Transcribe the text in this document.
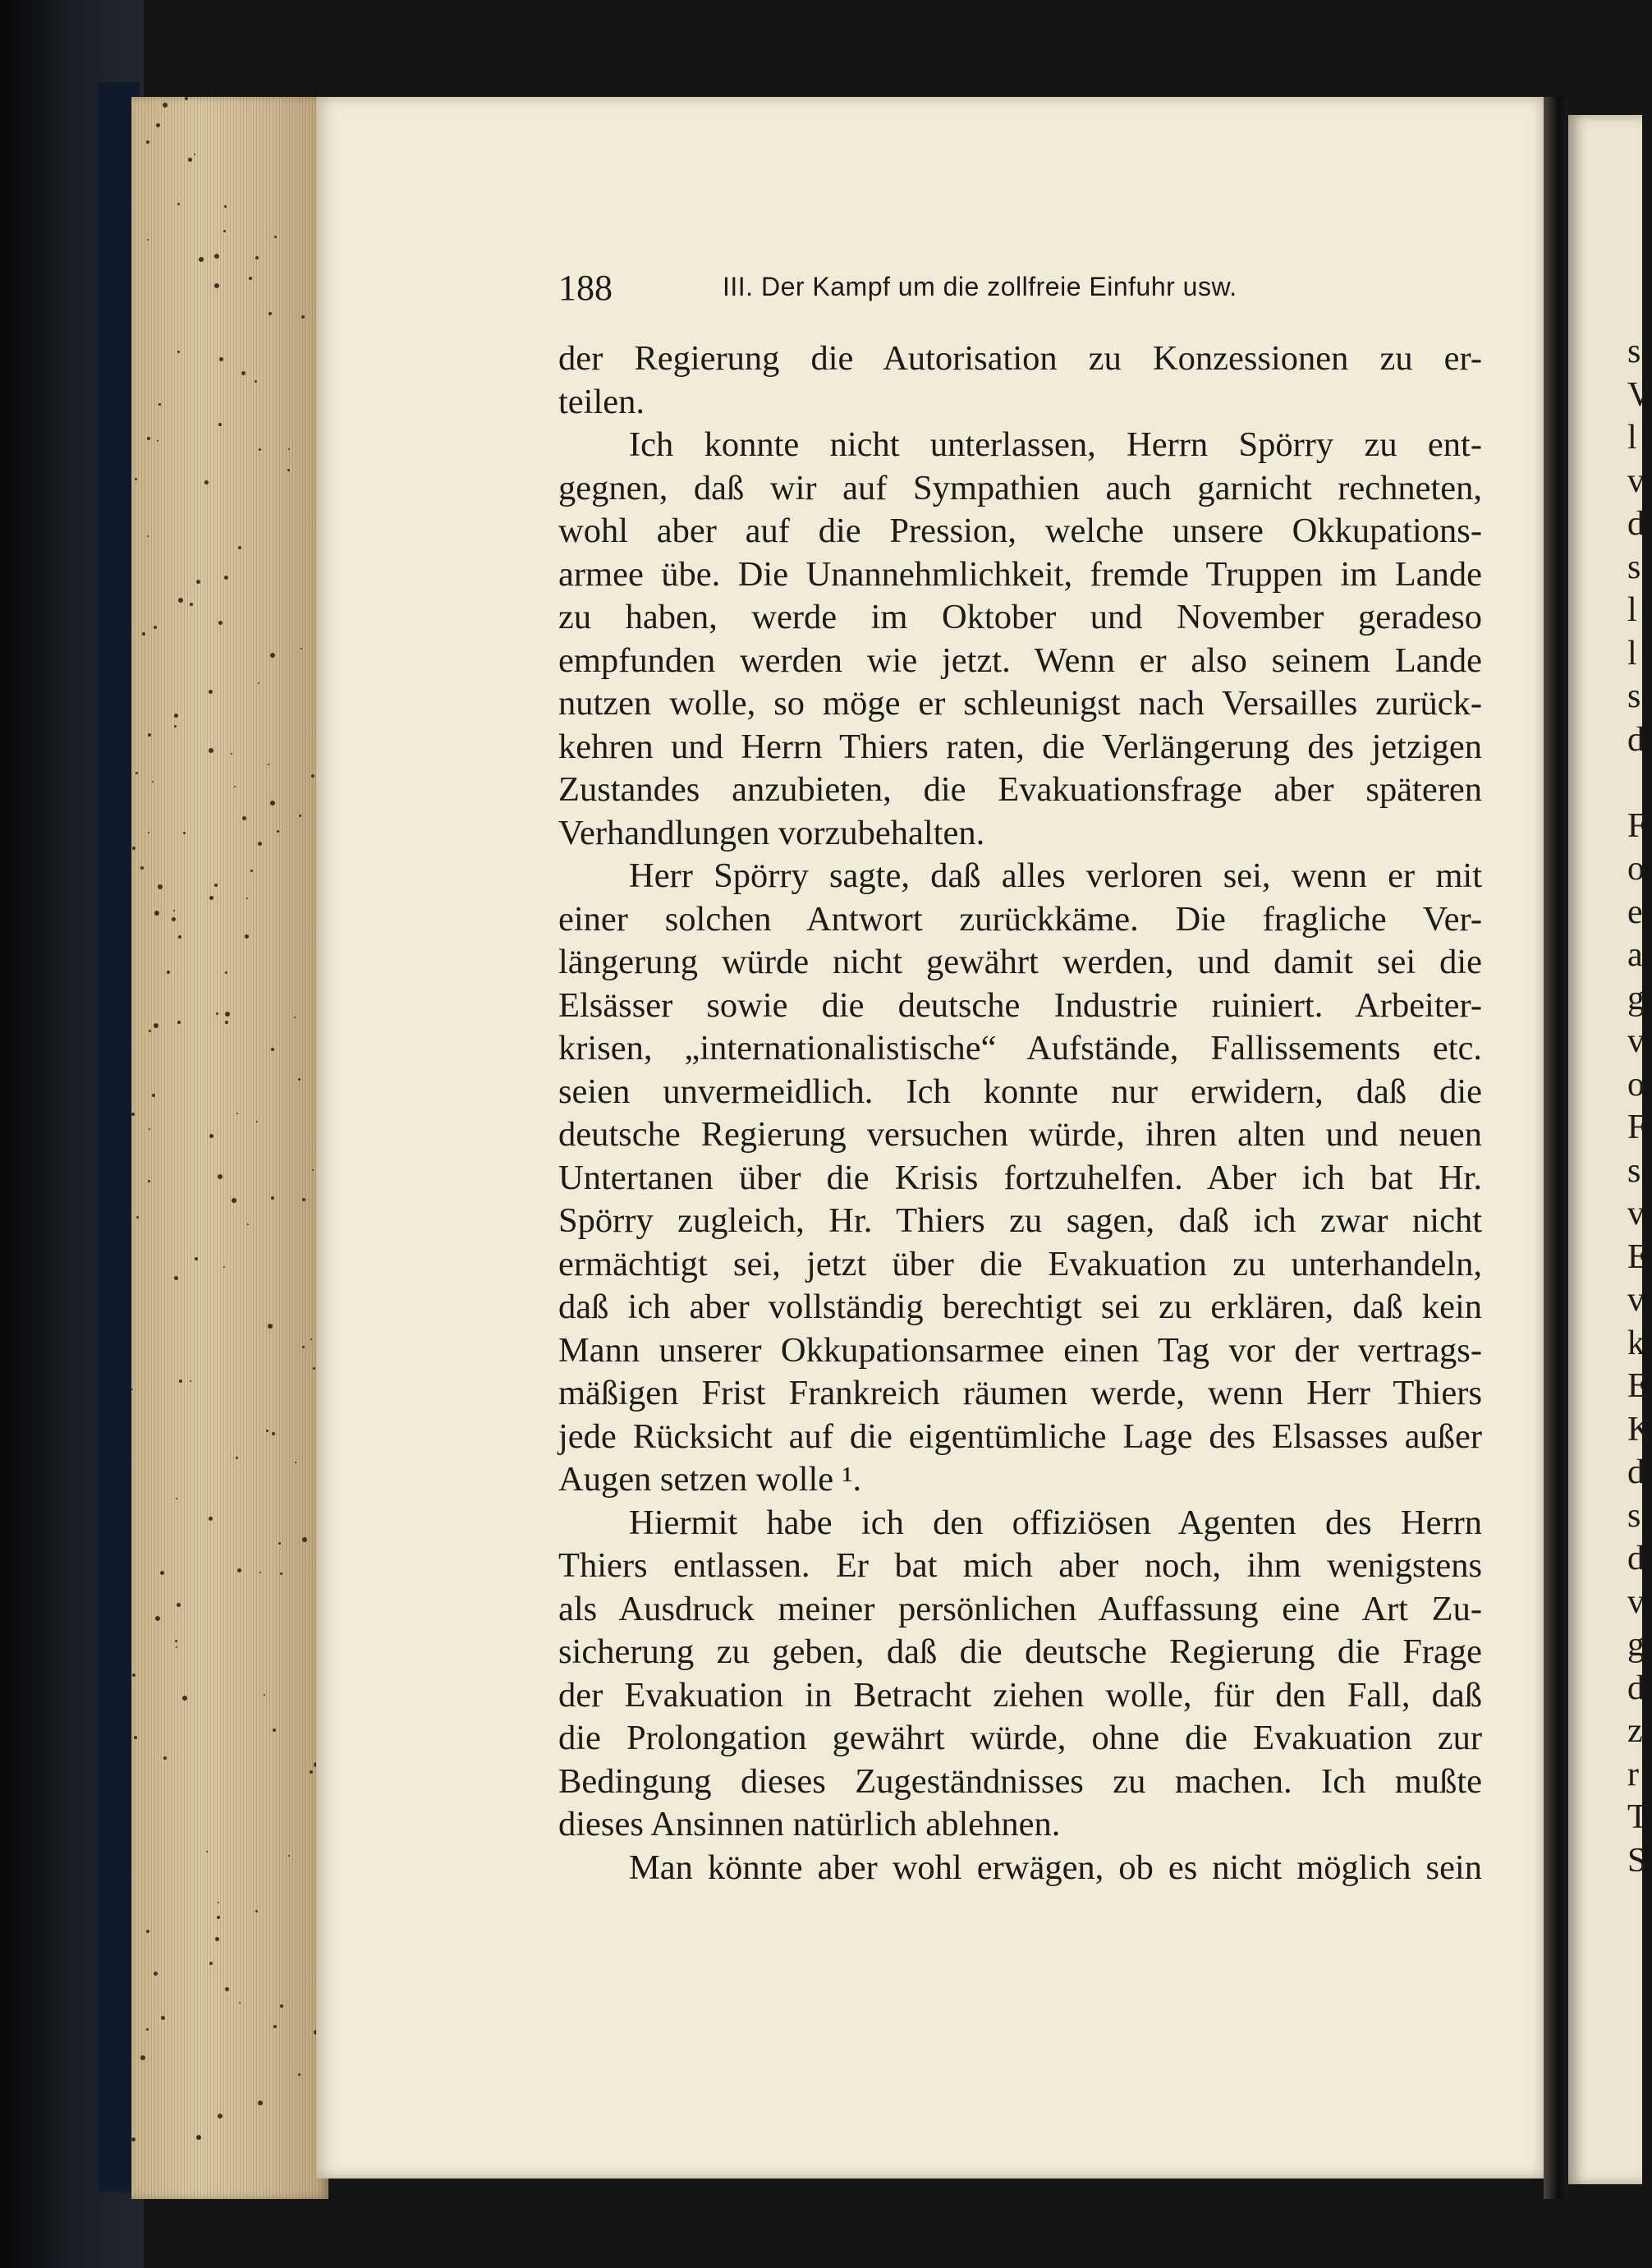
s
V
l
v
d
s
l
l
s
d
F
o
e
a
g
v
o
F
s
v
E
v
k
E
K
d
s
d
v
g
d
z
r
T
S
188	III. Der Kampf um die zollfreie Einfuhr usw.
der Regierung die Autorisation zu Konzessionen zu er-
teilen.
Ich konnte nicht unterlassen, Herrn Spörry zu ent-
gegnen, daß wir auf Sympathien auch garnicht rechneten,
wohl aber auf die Pression, welche unsere Okkupations-
armee übe. Die Unannehmlichkeit, fremde Truppen im Lande
zu haben, werde im Oktober und November geradeso
empfunden werden wie jetzt. Wenn er also seinem Lande
nutzen wolle, so möge er schleunigst nach Versailles zurück-
kehren und Herrn Thiers raten, die Verlängerung des jetzigen
Zustandes anzubieten, die Evakuationsfrage aber späteren
Verhandlungen vorzubehalten.
Herr Spörry sagte, daß alles verloren sei, wenn er mit
einer solchen Antwort zurückkäme. Die fragliche Ver-
längerung würde nicht gewährt werden, und damit sei die
Elsässer sowie die deutsche Industrie ruiniert. Arbeiter-
krisen, „internationalistische“ Aufstände, Fallissements etc.
seien unvermeidlich. Ich konnte nur erwidern, daß die
deutsche Regierung versuchen würde, ihren alten und neuen
Untertanen über die Krisis fortzuhelfen. Aber ich bat Hr.
Spörry zugleich, Hr. Thiers zu sagen, daß ich zwar nicht
ermächtigt sei, jetzt über die Evakuation zu unterhandeln,
daß ich aber vollständig berechtigt sei zu erklären, daß kein
Mann unserer Okkupationsarmee einen Tag vor der vertrags-
mäßigen Frist Frankreich räumen werde, wenn Herr Thiers
jede Rücksicht auf die eigentümliche Lage des Elsasses außer
Augen setzen wolle ¹.
Hiermit habe ich den offiziösen Agenten des Herrn
Thiers entlassen. Er bat mich aber noch, ihm wenigstens
als Ausdruck meiner persönlichen Auffassung eine Art Zu-
sicherung zu geben, daß die deutsche Regierung die Frage
der Evakuation in Betracht ziehen wolle, für den Fall, daß
die Prolongation gewährt würde, ohne die Evakuation zur
Bedingung dieses Zugeständnisses zu machen. Ich mußte
dieses Ansinnen natürlich ablehnen.
Man könnte aber wohl erwägen, ob es nicht möglich sein
